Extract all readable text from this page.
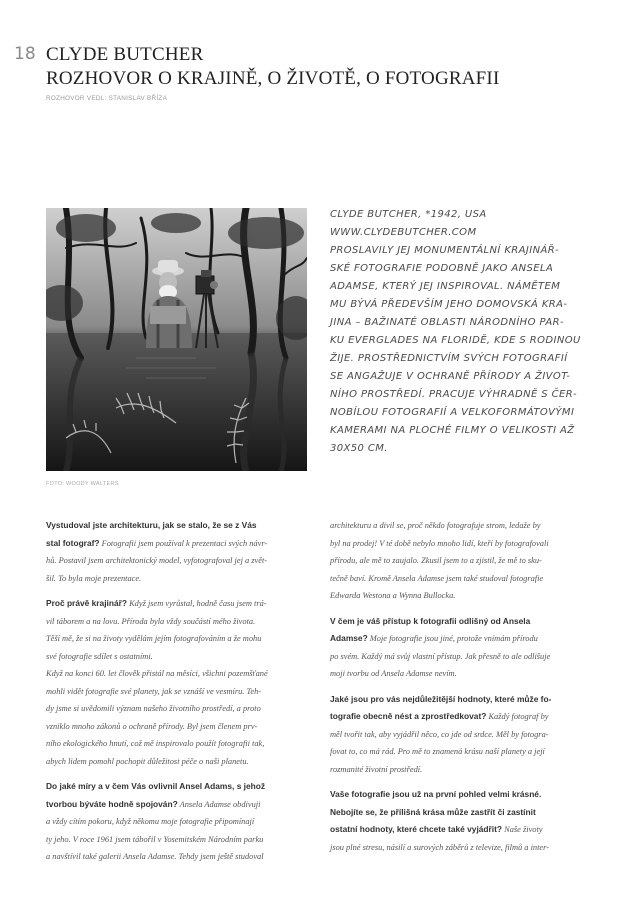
18 CLYDE BUTCHER
ROZHOVOR O KRAJINĚ, O ŽIVOTĚ, O FOTOGRAFII
ROZHOVOR VEDL: STANISLAV BŘÍZA
FOTO: WOODY WALTERS
CLYDE BUTCHER, *1942, USA
WWW.CLYDEBUTCHER.COM
PROSLAVILY JEJ MONUMENTÁLNÍ KRAJINÁŘ-
SKÉ FOTOGRAFIE PODOBNĚ JAKO ANSELA
ADAMSE, KTERÝ JEJ INSPIROVAL. NÁMĚTEM
MU BÝVÁ PŘEDEVŠÍM JEHO DOMOVSKÁ KRA-
JINA – BAŽINATÉ OBLASTI NÁRODNÍHO PAR-
KU EVERGLADES NA FLORIDĚ, KDE S RODINOU
ŽIJE. PROSTŘEDNICTVÍM SVÝCH FOTOGRAFIÍ
SE ANGAŽUJE V OCHRANĚ PŘÍRODY A ŽIVOT-
NÍHO PROSTŘEDÍ. PRACUJE VÝHRADNĚ S ČER-
NOBÍLOU FOTOGRAFIÍ A VELKOFORMÁTOVÝMI
KAMERAMI NA PLOCHÉ FILMY O VELIKOSTI AŽ
30X50 CM.
Vystudoval jste architekturu, jak se stalo, že se z Vás
stal fotograf? Fotografii jsem používal k prezentaci svých návr-
hů. Postavil jsem architektonický model, vyfotografoval jej a zvět-
šil. To byla moje prezentace.
Proč právě krajinář? Když jsem vyrůstal, hodně času jsem trá-
vil táborem a na lovu. Příroda byla vždy součástí mého života.
Těší mě, že si na životy vydělám jejím fotografováním a že mohu
své fotografie sdílet s ostatními.
Když na konci 60. let člověk přistál na měsíci, všichni pozemšťané
mohli vidět fotografie své planety, jak se vznáší ve vesmíru. Teh-
dy jsme si uvědomili význam našeho životního prostředí, a proto
vzniklo mnoho zákonů o ochraně přírody. Byl jsem členem prv-
ního ekologického hnutí, což mě inspirovalo použít fotografii tak,
abych lidem pomohl pochopit důležitost péče o naši planetu.
Do jaké míry a v čem Vás ovlivnil Ansel Adams, s jehož
tvorbou býváte hodně spojován? Ansela Adamse obdivuji
a vždy cítím pokoru, když někomu moje fotografie připomínají
ty jeho. V roce 1961 jsem tábořil v Yosemitském Národním parku
a navštívil také galerii Ansela Adamse. Tehdy jsem ještě studoval
architekturu a divil se, proč někdo fotografuje strom, ledaže by
byl na prodej! V té době nebylo mnoho lidí, kteří by fotografovali
přírodu, ale mě to zaujalo. Zkusil jsem to a zjistil, že mě to sku-
tečně baví. Kromě Ansela Adamse jsem také studoval fotografie
Edwarda Westona a Wynna Bullocka.
V čem je váš přístup k fotografii odlišný od Ansela
Adamse? Moje fotografie jsou jiné, protože vnímám přírodu
po svém. Každý má svůj vlastní přístup. Jak přesně to ale odlišuje
moji tvorbu od Ansela Adamse nevím.
Jaké jsou pro vás nejdůležitější hodnoty, které může fo-
tografie obecně nést a zprostředkovat? Každý fotograf by
měl tvořit tak, aby vyjádřil něco, co jde od srdce. Měl by fotogra-
fovat to, co má rád. Pro mě to znamená krásu naší planety a její
rozmanité životní prostředí.
Vaše fotografie jsou už na první pohled velmi krásné.
Nebojíte se, že přílišná krása může zastřít či zastínit
ostatní hodnoty, které chcete také vyjádřit? Naše životy
jsou plné stresu, násilí a surových záběrů z televize, filmů a inter-
